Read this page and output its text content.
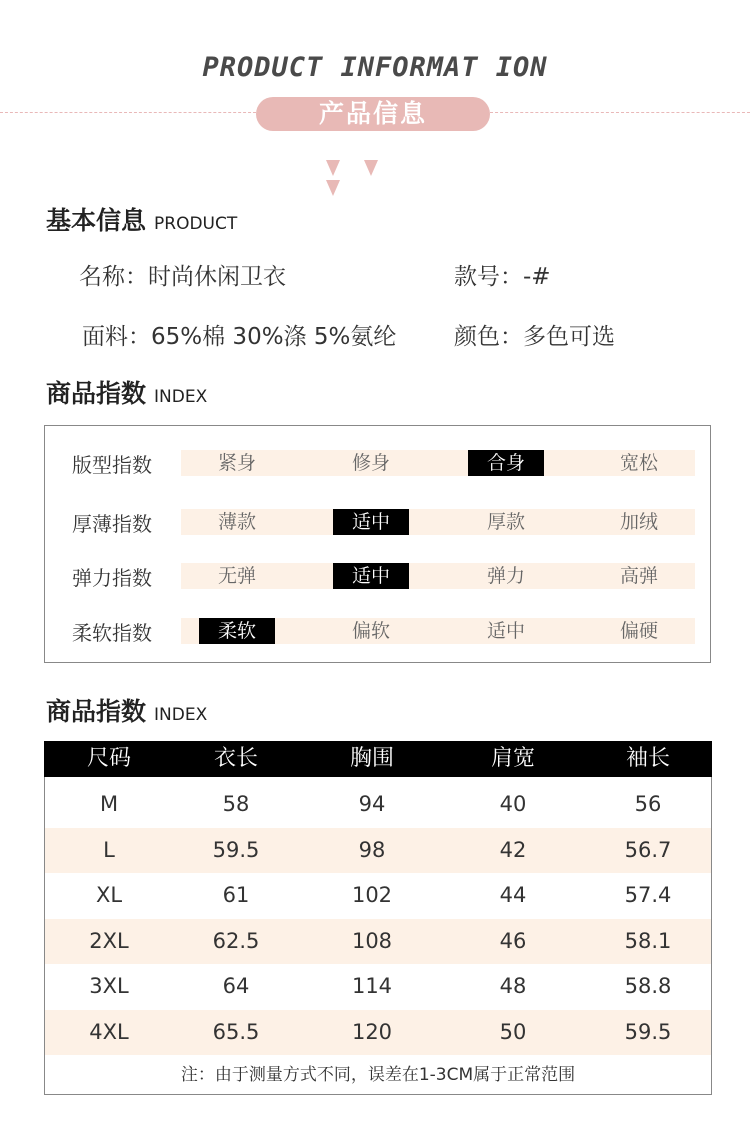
PRODUCT INFORMAT ION
产品信息
基本信息 PRODUCT
名称：时尚休闲卫衣	款号：-#
面料：65%棉 30%涤 5%氨纶	颜色：多色可选
商品指数 INDEX
版型指数	紧身	修身	合身	宽松
厚薄指数	薄款	适中	厚款	加绒
弹力指数	无弹	适中	弹力	高弹
柔软指数	柔软	偏软	适中	偏硬
商品指数 INDEX
尺码	衣长	胸围	肩宽	袖长
M	58	94	40	56
L	59.5	98	42	56.7
XL	61	102	44	57.4
2XL	62.5	108	46	58.1
3XL	64	114	48	58.8
4XL	65.5	120	50	59.5
注：由于测量方式不同，误差在1-3CM属于正常范围
